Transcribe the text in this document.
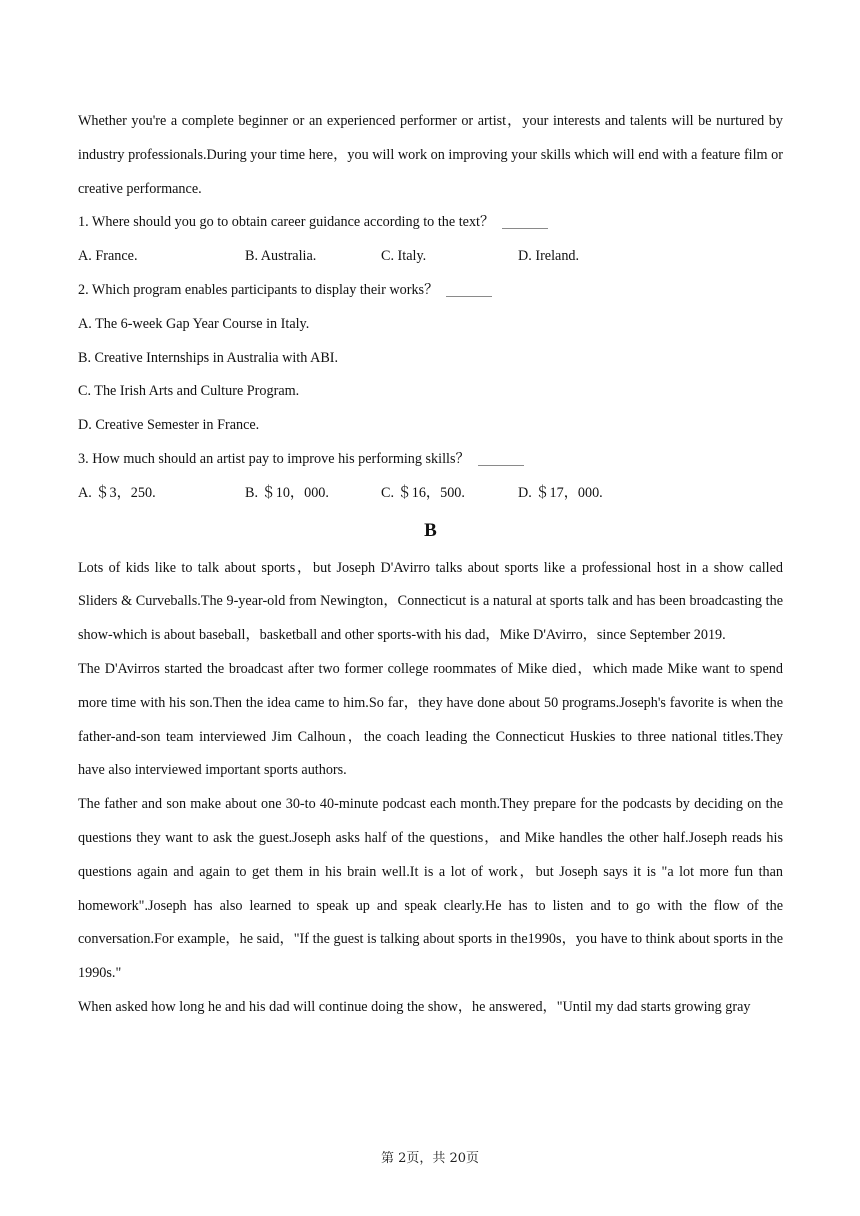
Whether you're a complete beginner or an experienced performer or artist，your interests and talents will be nurtured by industry professionals.During your time here，you will work on improving your skills which will end with a feature film or creative performance.
1. Where should you go to obtain career guidance according to the text？
A. France.	B. Australia.	C. Italy.	D. Ireland.
2. Which program enables participants to display their works？
A. The 6-week Gap Year Course in Italy.
B. Creative Internships in Australia with ABI.
C. The Irish Arts and Culture Program.
D. Creative Semester in France.
3. How much should an artist pay to improve his performing skills？
A. ＄3，250.	B. ＄10，000.	C. ＄16，500.	D. ＄17，000.
B
Lots of kids like to talk about sports，but Joseph D'Avirro talks about sports like a professional host in a show called Sliders & Curveballs.The 9-year-old from Newington，Connecticut is a natural at sports talk and has been broadcasting the show-which is about baseball，basketball and other sports-with his dad，Mike D'Avirro，since September 2019.
The D'Avirros started the broadcast after two former college roommates of Mike died，which made Mike want to spend more time with his son.Then the idea came to him.So far，they have done about 50 programs.Joseph's favorite is when the father-and-son team interviewed Jim Calhoun，the coach leading the Connecticut Huskies to three national titles.They have also interviewed important sports authors.
The father and son make about one 30-to 40-minute podcast each month.They prepare for the podcasts by deciding on the questions they want to ask the guest.Joseph asks half of the questions，and Mike handles the other half.Joseph reads his questions again and again to get them in his brain well.It is a lot of work，but Joseph says it is "a lot more fun than homework".Joseph has also learned to speak up and speak clearly.He has to listen and to go with the flow of the conversation.For example，he said，"If the guest is talking about sports in the1990s，you have to think about sports in the 1990s."
When asked how long he and his dad will continue doing the show，he answered，"Until my dad starts growing gray
第 2页，共 20页
